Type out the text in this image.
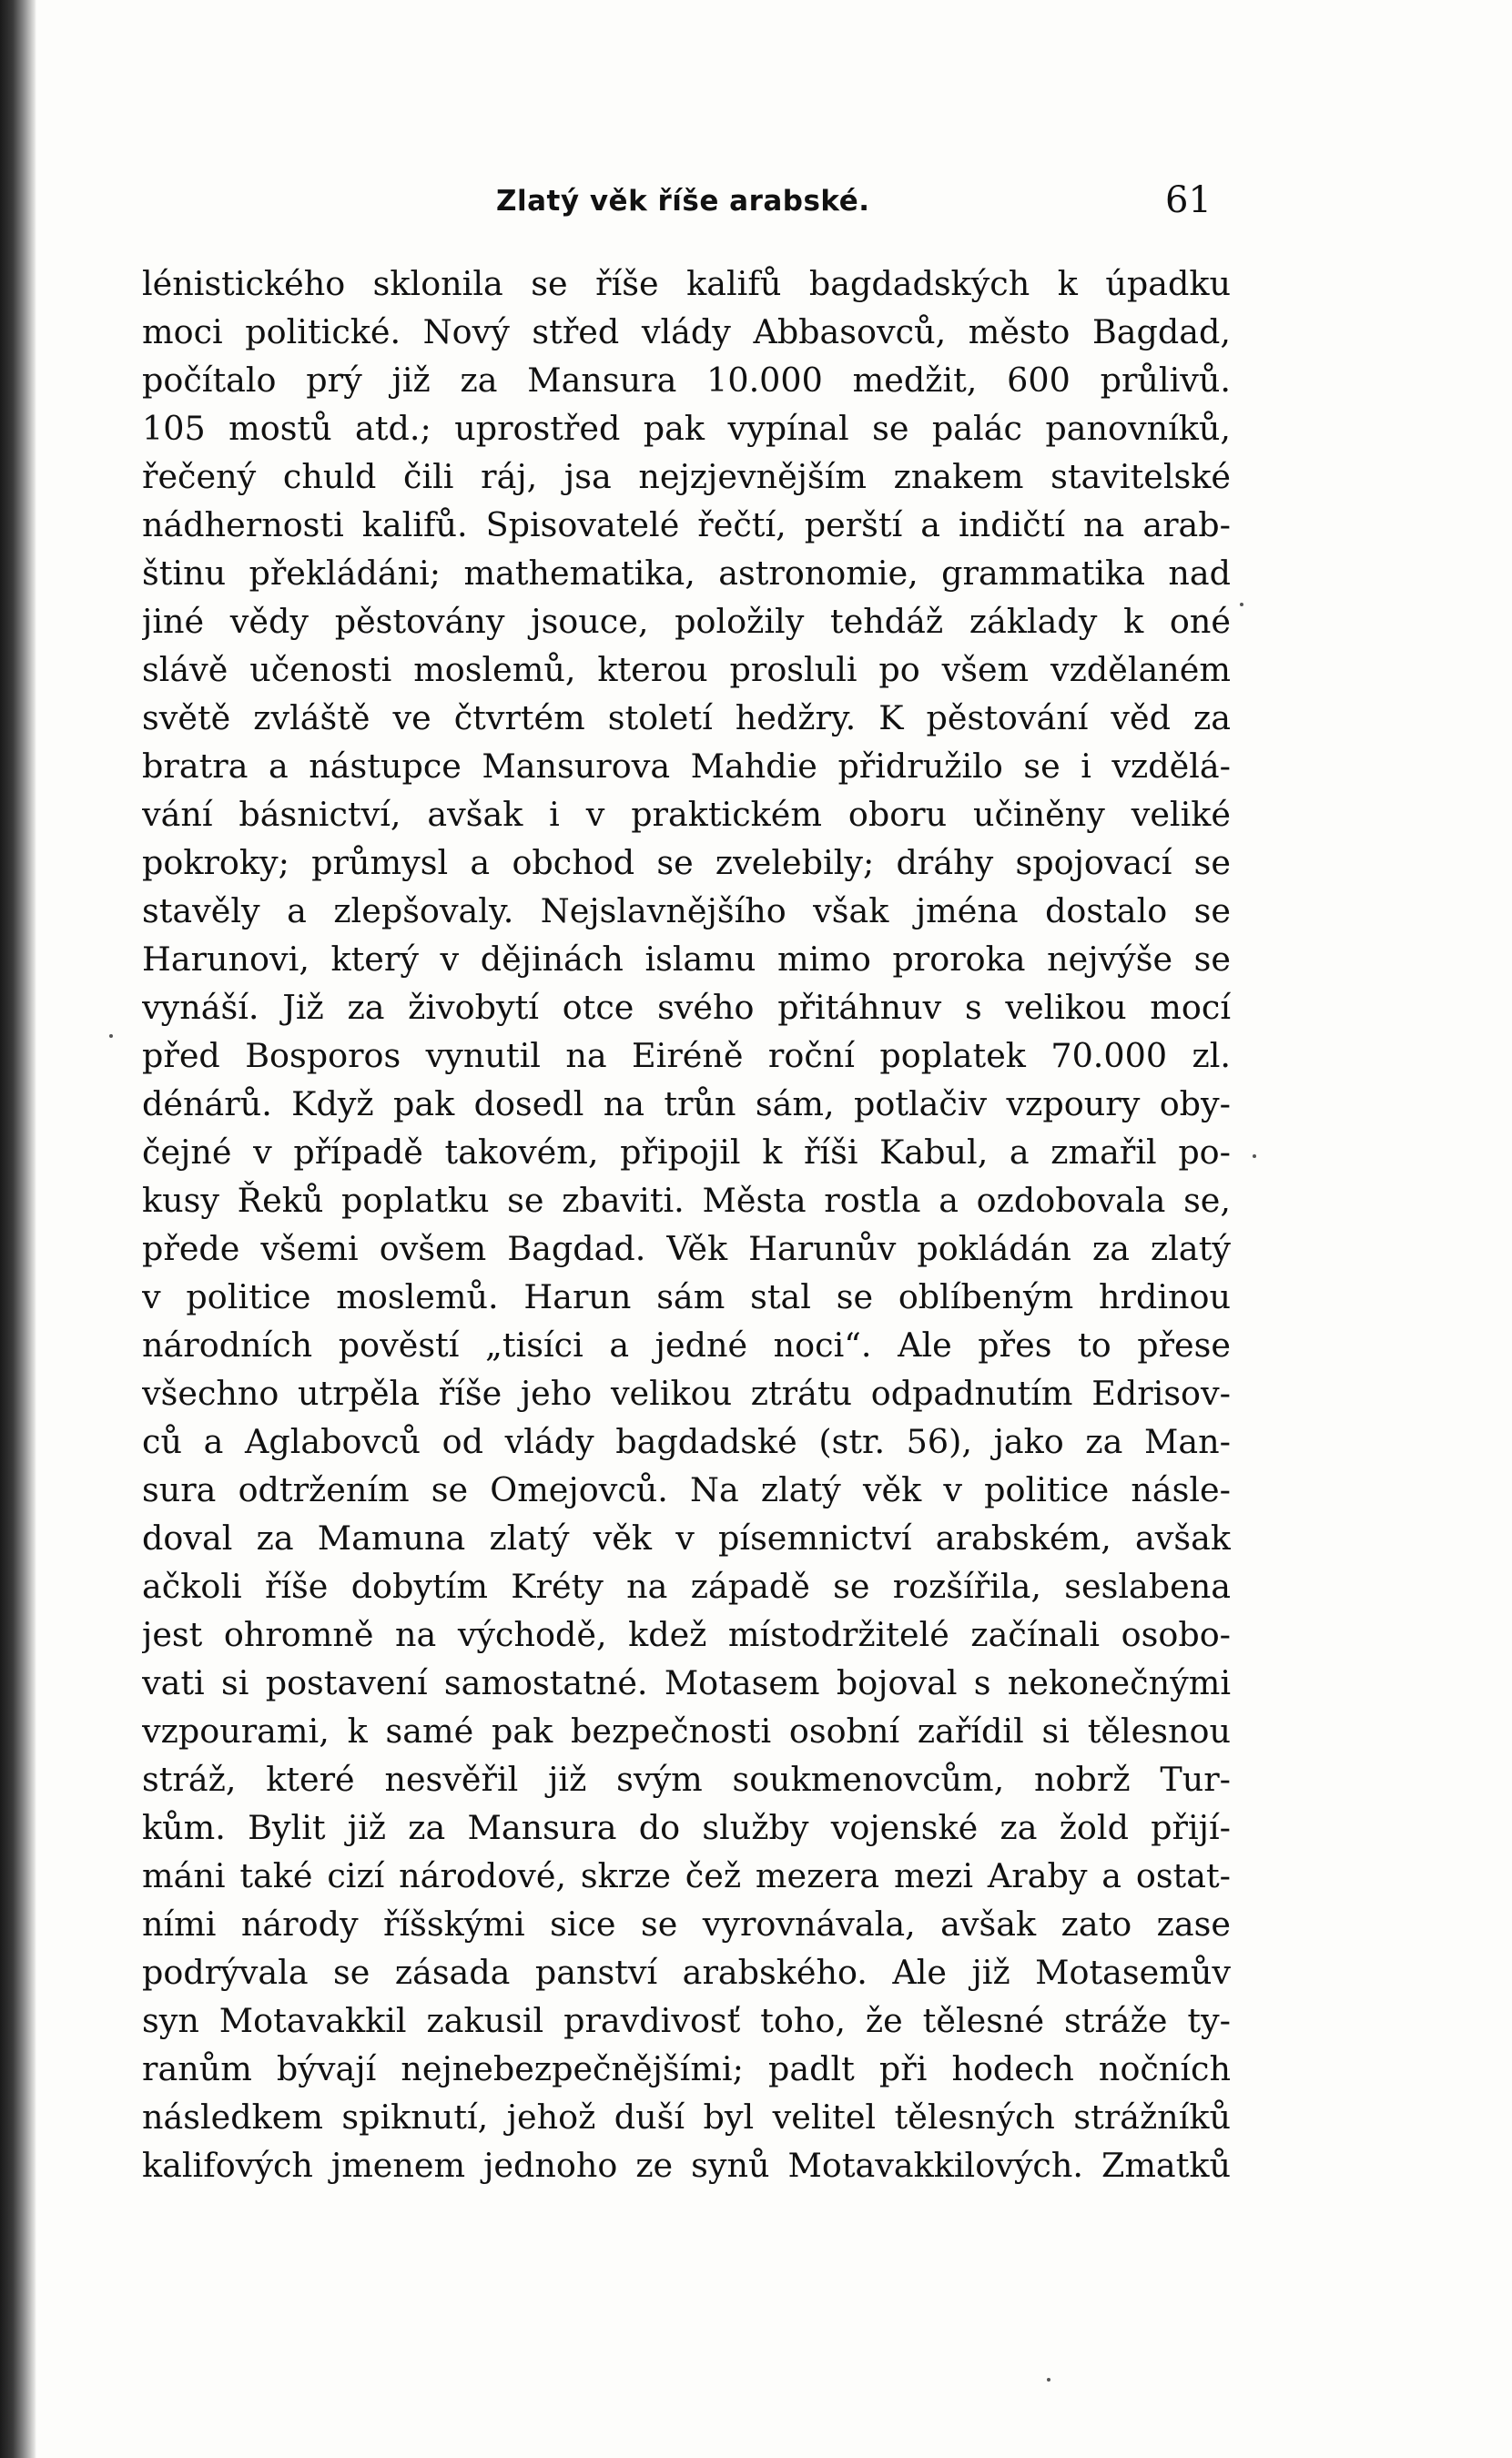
Zlatý věk říše arabské.	61
lénistického sklonila se říše kalifů bagdadských k úpadku
moci politické. Nový střed vlády Abbasovců, město Bagdad,
počítalo prý již za Mansura 10.000 medžit, 600 průlivů.
105 mostů atd.; uprostřed pak vypínal se palác panovníků,
řečený chuld čili ráj, jsa nejzjevnějším znakem stavitelské
nádhernosti kalifů. Spisovatelé řečtí, perští a indičtí na arab-
štinu překládáni; mathematika, astronomie, grammatika nad
jiné vědy pěstovány jsouce, položily tehdáž základy k oné
slávě učenosti moslemů, kterou prosluli po všem vzdělaném
světě zvláště ve čtvrtém století hedžry. K pěstování věd za
bratra a nástupce Mansurova Mahdie přidružilo se i vzdělá-
vání básnictví, avšak i v praktickém oboru učiněny veliké
pokroky; průmysl a obchod se zvelebily; dráhy spojovací se
stavěly a zlepšovaly. Nejslavnějšího však jména dostalo se
Harunovi, který v dějinách islamu mimo proroka nejvýše se
vynáší. Již za živobytí otce svého přitáhnuv s velikou mocí
před Bosporos vynutil na Eiréně roční poplatek 70.000 zl.
dénárů. Když pak dosedl na trůn sám, potlačiv vzpoury oby-
čejné v případě takovém, připojil k říši Kabul, a zmařil po-
kusy Řeků poplatku se zbaviti. Města rostla a ozdobovala se,
přede všemi ovšem Bagdad. Věk Harunův pokládán za zlatý
v politice moslemů. Harun sám stal se oblíbeným hrdinou
národních pověstí „tisíci a jedné noci“. Ale přes to přese
všechno utrpěla říše jeho velikou ztrátu odpadnutím Edrisov-
ců a Aglabovců od vlády bagdadské (str. 56), jako za Man-
sura odtržením se Omejovců. Na zlatý věk v politice násle-
doval za Mamuna zlatý věk v písemnictví arabském, avšak
ačkoli říše dobytím Kréty na západě se rozšířila, seslabena
jest ohromně na východě, kdež místodržitelé začínali osobo-
vati si postavení samostatné. Motasem bojoval s nekonečnými
vzpourami, k samé pak bezpečnosti osobní zařídil si tělesnou
stráž, které nesvěřil již svým soukmenovcům, nobrž Tur-
kům. Bylit již za Mansura do služby vojenské za žold přijí-
máni také cizí národové, skrze čež mezera mezi Araby a ostat-
ními národy říšskými sice se vyrovnávala, avšak zato zase
podrývala se zásada panství arabského. Ale již Motasemův
syn Motavakkil zakusil pravdivosť toho, že tělesné stráže ty-
ranům bývají nejnebezpečnějšími; padlt při hodech nočních
následkem spiknutí, jehož duší byl velitel tělesných strážníků
kalifových jmenem jednoho ze synů Motavakkilových. Zmatků
